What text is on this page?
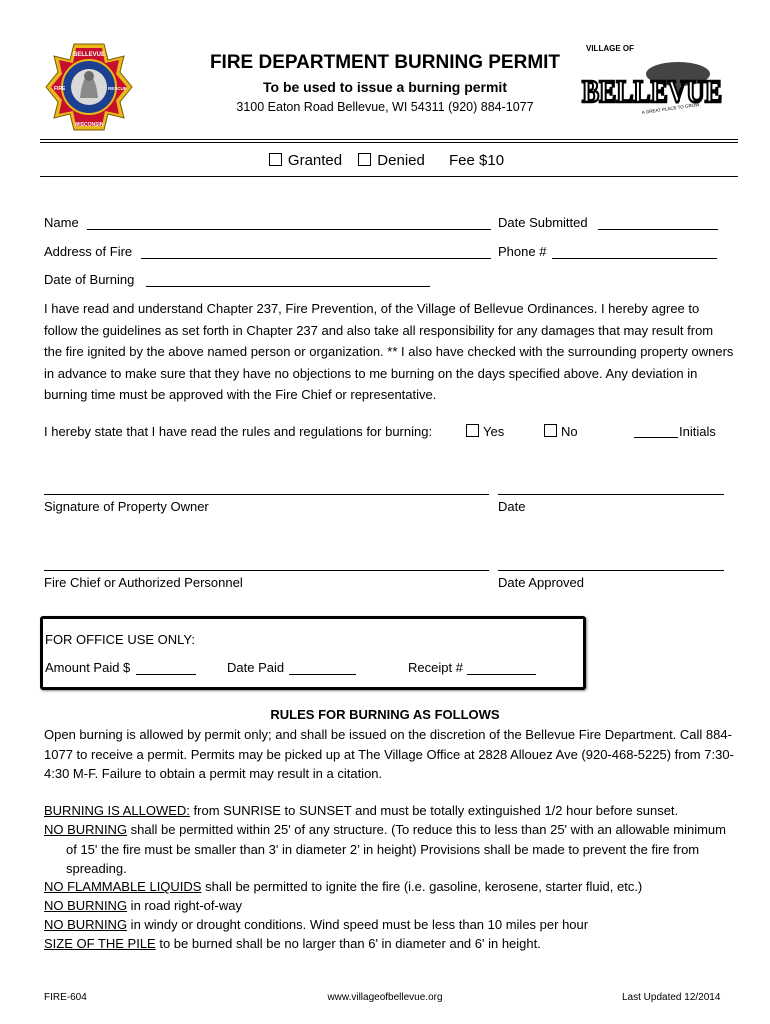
BELLEVUE
WISCONSIN
FIRE	RESCUE
VILLAGE OF
BELLEVUE
A GREAT PLACE TO GROW
FIRE DEPARTMENT BURNING PERMIT
To be used to issue a burning permit
3100 Eaton Road Bellevue, WI 54311 (920) 884-1077
Granted Denied Fee $10
Name	Date Submitted
Address of Fire	Phone #
Date of Burning
I have read and understand Chapter 237, Fire Prevention, of the Village of Bellevue Ordinances. I hereby agree to follow the guidelines as set forth in Chapter 237 and also take all responsibility for any damages that may result from the fire ignited by the above named person or organization. ** I also have checked with the surrounding property owners in advance to make sure that they have no objections to me burning on the days specified above. Any deviation in burning time must be approved with the Fire Chief or representative.
I hereby state that I have read the rules and regulations for burning:	Yes	No	Initials
Signature of Property Owner	Date
Fire Chief or Authorized Personnel	Date Approved
FOR OFFICE USE ONLY:
Amount Paid $	Date Paid	Receipt #
RULES FOR BURNING AS FOLLOWS
Open burning is allowed by permit only; and shall be issued on the discretion of the Bellevue Fire Department. Call 884-1077 to receive a permit. Permits may be picked up at The Village Office at 2828 Allouez Ave (920-468-5225) from 7:30-4:30 M-F. Failure to obtain a permit may result in a citation.
BURNING IS ALLOWED: from SUNRISE to SUNSET and must be totally extinguished 1/2 hour before sunset.
NO BURNING shall be permitted within 25' of any structure. (To reduce this to less than 25' with an allowable minimum of 15' the fire must be smaller than 3' in diameter 2’ in height) Provisions shall be made to prevent the fire from spreading.
NO FLAMMABLE LIQUIDS shall be permitted to ignite the fire (i.e. gasoline, kerosene, starter fluid, etc.)
NO BURNING in road right-of-way
NO BURNING in windy or drought conditions. Wind speed must be less than 10 miles per hour
SIZE OF THE PILE to be burned shall be no larger than 6' in diameter and 6' in height.
FIRE-604	www.villageofbellevue.org	Last Updated 12/2014
